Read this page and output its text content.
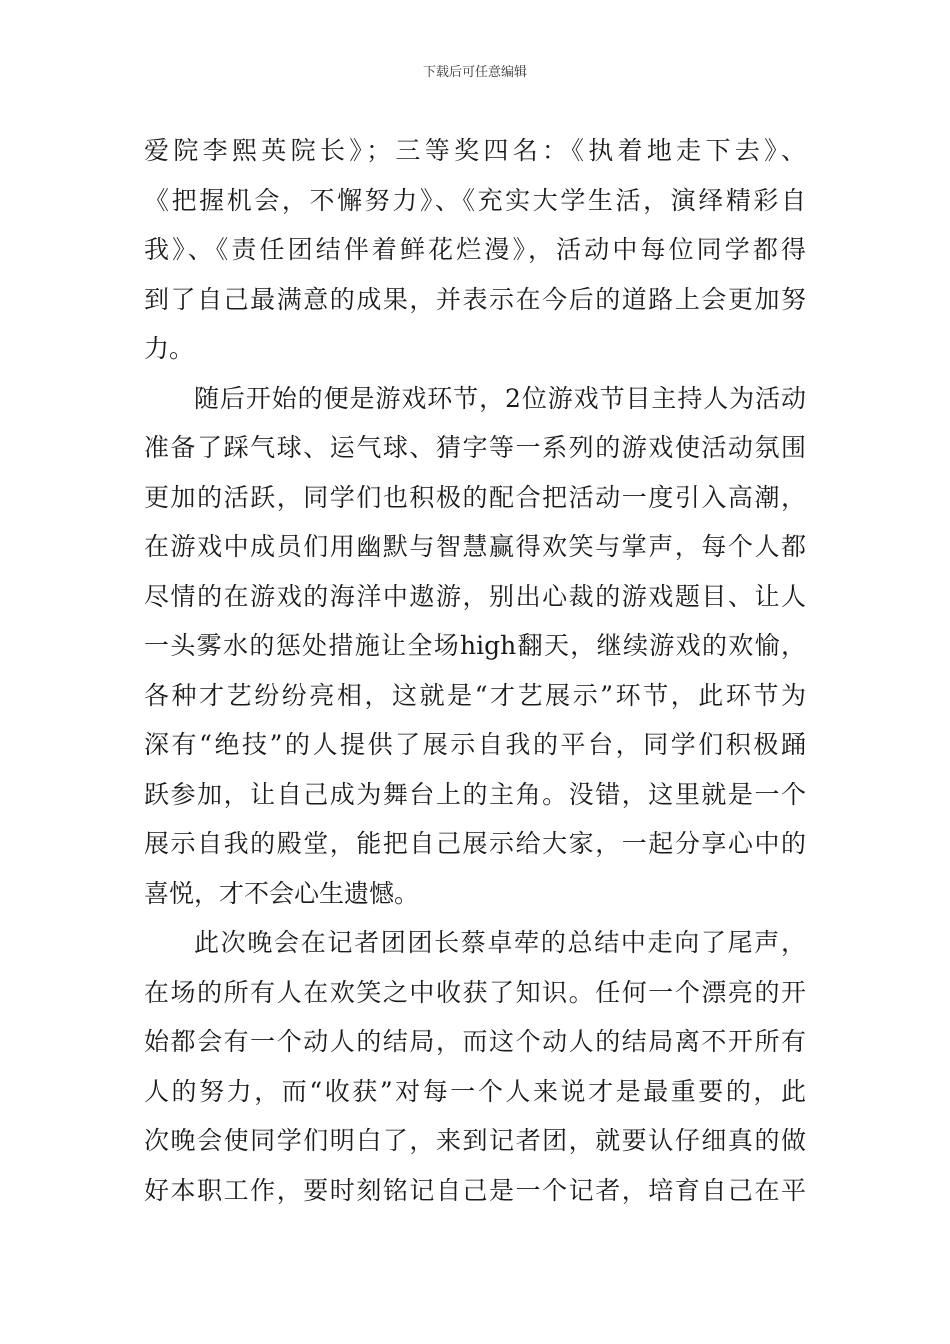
下载后可任意编辑
爱院李熙英院长》；三等奖四名：《执着地走下去》、
《把握机会，不懈努力》、《充实大学生活，演绎精彩自
我》、《责任团结伴着鲜花烂漫》，活动中每位同学都得
到了自己最满意的成果，并表示在今后的道路上会更加努
力。
随后开始的便是游戏环节，2位游戏节目主持人为活动
准备了踩气球、运气球、猜字等一系列的游戏使活动氛围
更加的活跃，同学们也积极的配合把活动一度引入高潮，
在游戏中成员们用幽默与智慧赢得欢笑与掌声，每个人都
尽情的在游戏的海洋中遨游，别出心裁的游戏题目、让人
一头雾水的惩处措施让全场high翻天，继续游戏的欢愉，
各种才艺纷纷亮相，这就是“才艺展示”环节，此环节为
深有“绝技”的人提供了展示自我的平台，同学们积极踊
跃参加，让自己成为舞台上的主角。没错，这里就是一个
展示自我的殿堂，能把自己展示给大家，一起分享心中的
喜悦，才不会心生遗憾。
此次晚会在记者团团长蔡卓荦的总结中走向了尾声，
在场的所有人在欢笑之中收获了知识。任何一个漂亮的开
始都会有一个动人的结局，而这个动人的结局离不开所有
人的努力，而“收获”对每一个人来说才是最重要的，此
次晚会使同学们明白了，来到记者团，就要认仔细真的做
好本职工作，要时刻铭记自己是一个记者，培育自己在平
